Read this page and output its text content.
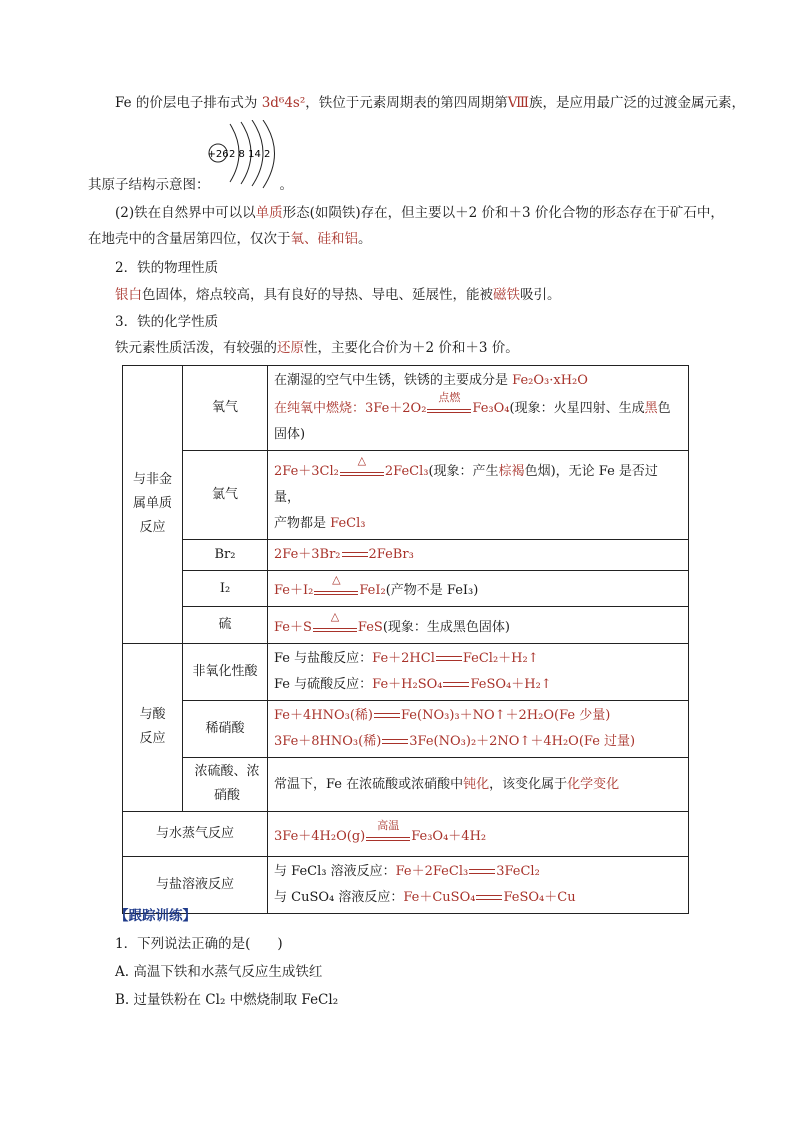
Fe 的价层电子排布式为 3d⁶4s²，铁位于元素周期表的第四周期第Ⅷ族，是应用最广泛的过渡金属元素，
+26 2 8 14 2
其原子结构示意图：	。
(2)铁在自然界中可以以单质形态(如陨铁)存在，但主要以＋2 价和＋3 价化合物的形态存在于矿石中，
在地壳中的含量居第四位，仅次于氧、硅和铝。
2．铁的物理性质
银白色固体，熔点较高，具有良好的导热、导电、延展性，能被磁铁吸引。
3．铁的化学性质
铁元素性质活泼，有较强的还原性，主要化合价为＋2 价和＋3 价。
与非金属单质反应	氧气	在潮湿的空气中生锈，铁锈的主要成分是 Fe₂O₃·xH₂O
在纯氧中燃烧：3Fe＋2O₂
点燃
Fe₃O₄(现象：火星四射、生成黑色
固体)

	氯气	2Fe＋3Cl₂
△
2FeCl₃(现象：产生棕褐色烟)，无论 Fe 是否过量，
产物都是 FeCl₃

	Br₂	2Fe＋3Br₂ 2FeBr₃
	I₂	Fe＋I₂
△
FeI₂(产物不是 FeI₃)
	硫	Fe＋S
△
FeS(现象：生成黑色固体)
与酸反应	非氧化性酸	Fe 与盐酸反应：Fe＋2HCl FeCl₂＋H₂↑
Fe 与硫酸反应：Fe＋H₂SO₄ FeSO₄＋H₂↑

	稀硝酸	Fe＋4HNO₃(稀) Fe(NO₃)₃＋NO↑＋2H₂O(Fe 少量)
3Fe＋8HNO₃(稀) 3Fe(NO₃)₂＋2NO↑＋4H₂O(Fe 过量)

	浓硫酸、浓硝酸	常温下，Fe 在浓硫酸或浓硝酸中钝化，该变化属于化学变化
与水蒸气反应		3Fe＋4H₂O(g)
高温
Fe₃O₄＋4H₂
与盐溶液反应		与 FeCl₃ 溶液反应：Fe＋2FeCl₃ 3FeCl₂
与 CuSO₄ 溶液反应：Fe＋CuSO₄ FeSO₄＋Cu
【跟踪训练】
1．下列说法正确的是(　　)
A. 高温下铁和水蒸气反应生成铁红
B. 过量铁粉在 Cl₂ 中燃烧制取 FeCl₂
